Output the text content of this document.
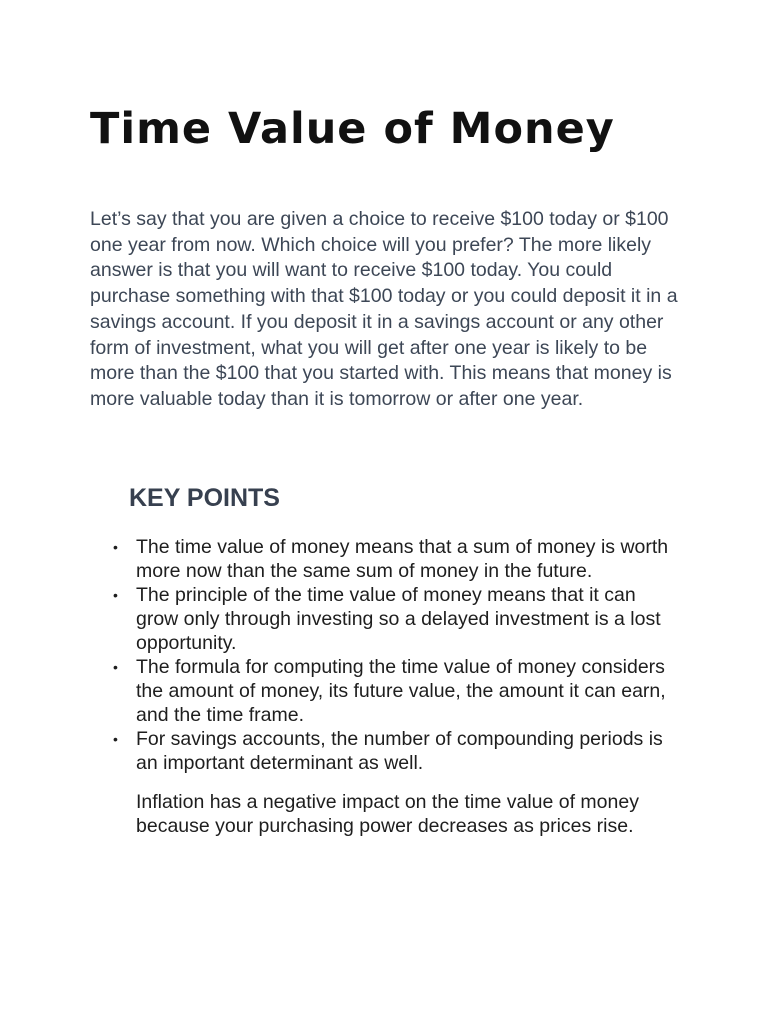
Time Value of Money

Let’s say that you are given a choice to receive $100 today or $100 one year from now. Which choice will you prefer? The more likely answer is that you will want to receive $100 today. You could purchase something with that $100 today or you could deposit it in a savings account. If you deposit it in a savings account or any other form of investment, what you will get after one year is likely to be more than the $100 that you started with. This means that money is more valuable today than it is tomorrow or after one year.

KEY POINTS
• The time value of money means that a sum of money is worth more now than the same sum of money in the future.
• The principle of the time value of money means that it can grow only through investing so a delayed investment is a lost opportunity.
• The formula for computing the time value of money considers the amount of money, its future value, the amount it can earn, and the time frame.
• For savings accounts, the number of compounding periods is an important determinant as well.

Inflation has a negative impact on the time value of money because your purchasing power decreases as prices rise.
